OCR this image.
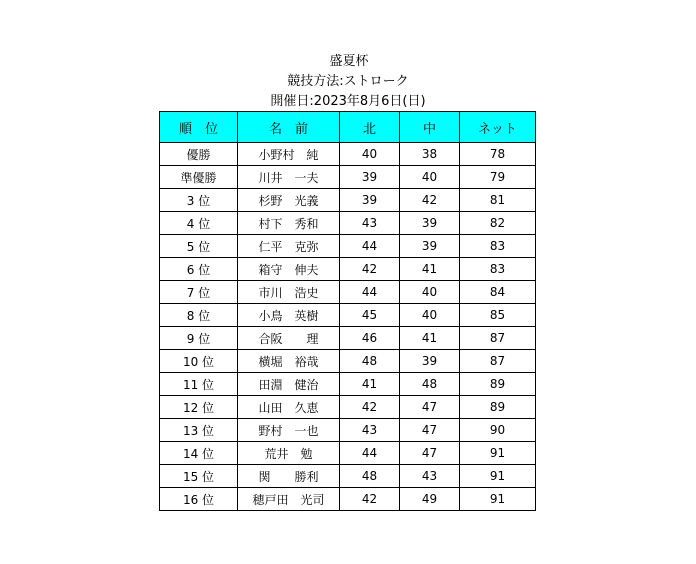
盛夏杯
競技方法:ストローク
開催日:2023年8月6日(日)
順　位	名　前	北	中	ネット
優勝	小野村　純	40	38	78
準優勝	川井　一夫	39	40	79
3 位	杉野　光義	39	42	81
4 位	村下　秀和	43	39	82
5 位	仁平　克弥	44	39	83
6 位	箱守　伸夫	42	41	83
7 位	市川　浩史	44	40	84
8 位	小鳥　英樹	45	40	85
9 位	合阪　　理	46	41	87
10 位	横堀　裕哉	48	39	87
11 位	田淵　健治	41	48	89
12 位	山田　久恵	42	47	89
13 位	野村　一也	43	47	90
14 位	荒井　勉	44	47	91
15 位	関　　勝利	48	43	91
16 位	穂戸田　光司	42	49	91
